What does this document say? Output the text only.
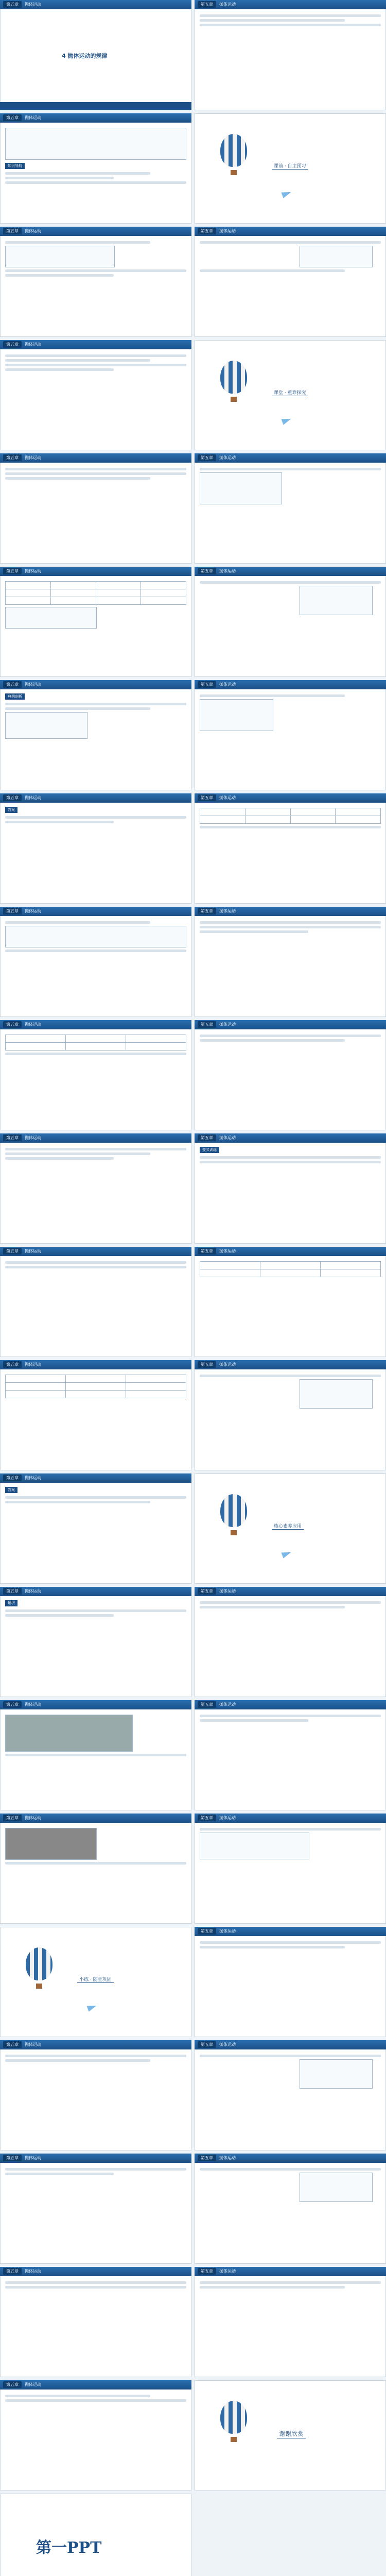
第五章 抛体运动
4 抛体运动的规律
第五章 抛体运动
知识导航
第五章 抛体运动
第五章 抛体运动
第五章 抛体运动
第五章 抛体运动

第五章 抛体运动
典例剖析
第五章 抛体运动
答案
第五章 抛体运动
第五章 抛体运动

第五章 抛体运动
第五章 抛体运动
第五章 抛体运动

第五章 抛体运动
答案
第五章 抛体运动
解析
第五章 抛体运动
第五章 抛体运动
小练 · 随堂巩固
第五章 抛体运动
第五章 抛体运动
第五章 抛体运动
第五章 抛体运动
第一PPT
第五章 抛体运动
课前 · 自主预习
第五章 抛体运动
课堂 · 重难探究
第五章 抛体运动
第五章 抛体运动
第五章 抛体运动
第五章 抛体运动

第五章 抛体运动
第五章 抛体运动
第五章 抛体运动
变式训练
第五章 抛体运动

第五章 抛体运动
核心素养应用
第五章 抛体运动
第五章 抛体运动
第五章 抛体运动
第五章 抛体运动
第五章 抛体运动
第五章 抛体运动
第五章 抛体运动
谢谢欣赏
